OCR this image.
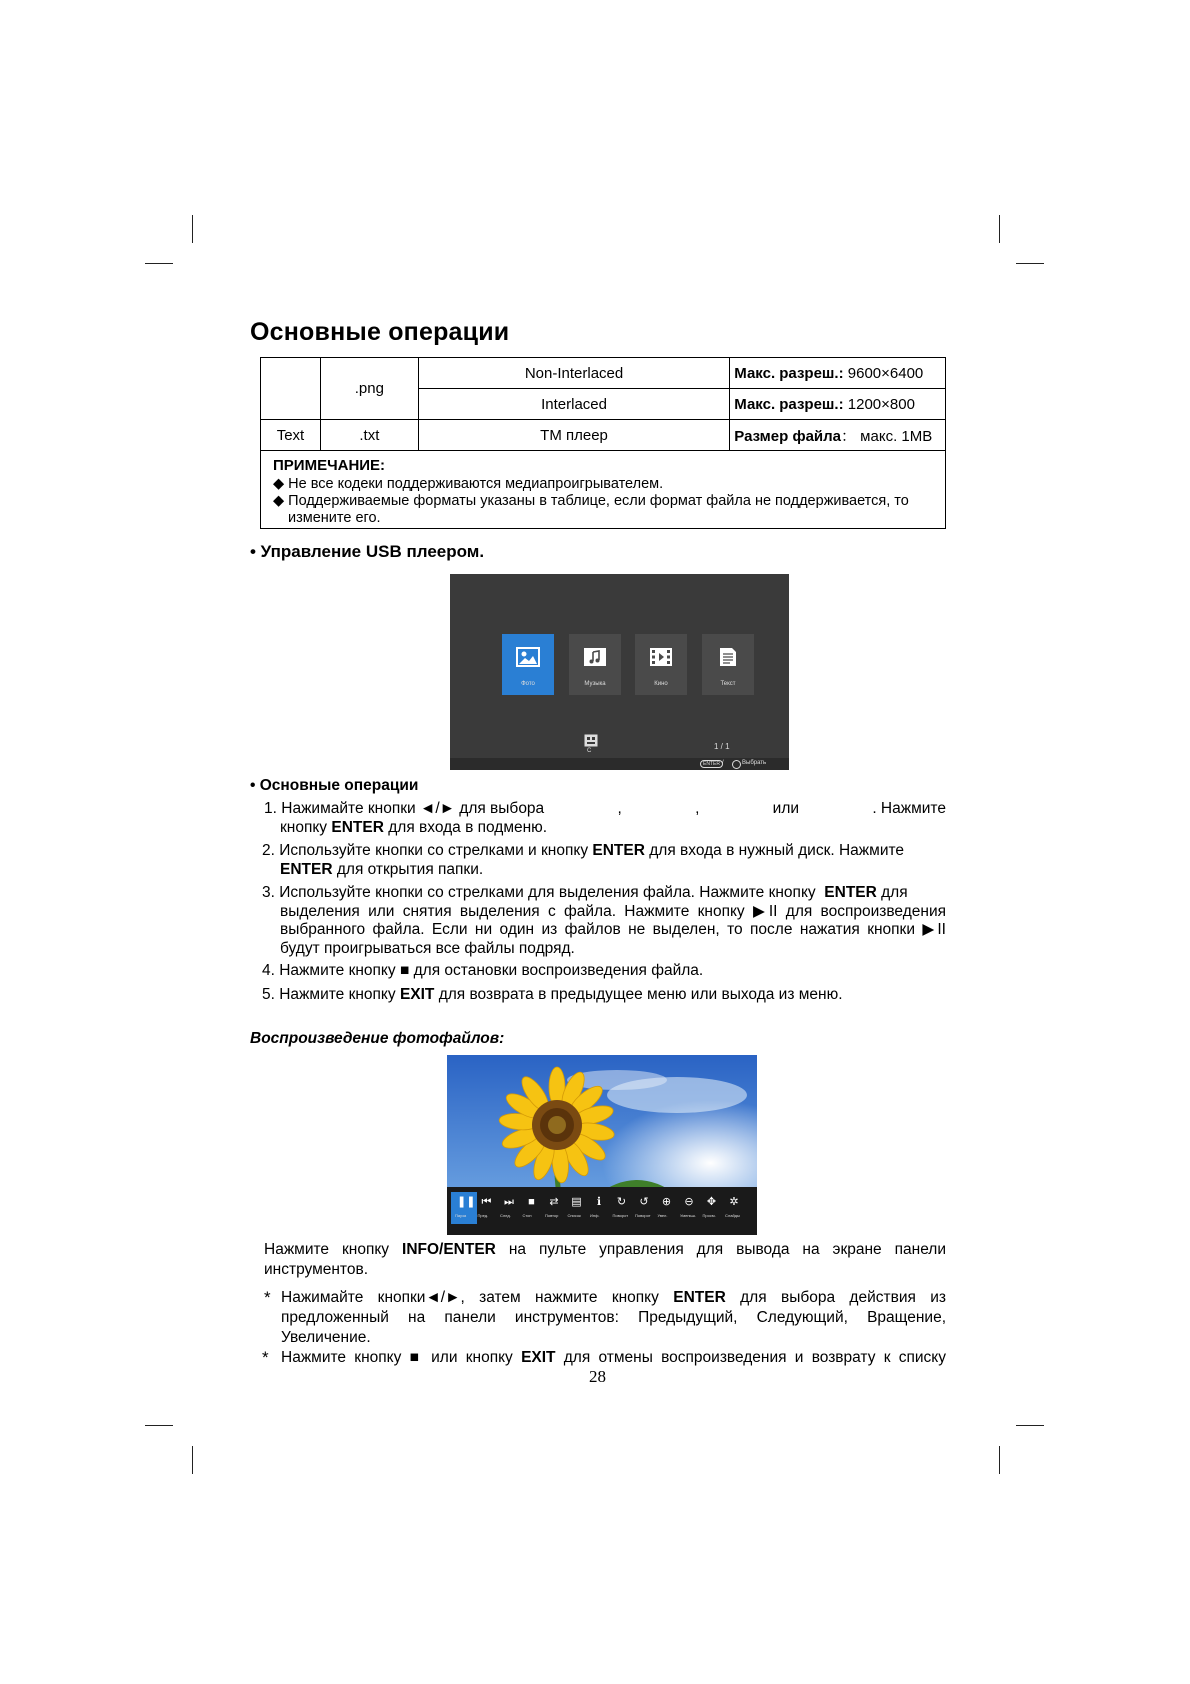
Основные операции
	.png	Non-Interlaced	Макс. разреш.: 9600×6400
		Interlaced	Макс. разреш.: 1200×800
Text	.txt	TM плеер	Размер файла： макс. 1MB
ПРИМЕЧАНИЕ:
◆ Не все кодеки поддерживаются медиапроигрывателем.
◆ Поддерживаемые форматы указаны в таблице, если формат файла не поддерживается, то
измените его.
• Управление USB плеером.
Фото	Музыка	Кино	Текст
C	1 / 1
ENTER /	Выбрать
• Основные операции
1. Нажимайте кнопки ◄/► для выбора	,	,	или	. Нажмите
кнопку ENTER для входа в подменю.
2. Используйте кнопки со стрелками и кнопку ENTER для входа в нужный диск. Нажмите
ENTER для открытия папки.
3. Используйте кнопки со стрелками для выделения файла. Нажмите кнопку  ENTER для
выделения или снятия выделения с файла. Нажмите кнопку ▶II для воспроизведения
выбранного файла. Если ни один из файлов не выделен, то после нажатия кнопки ▶II
будут проигрываться все файлы подряд.
4. Нажмите кнопку ■ для остановки воспроизведения файла.
5. Нажмите кнопку EXIT для возврата в предыдущее меню или выхода из меню.
Воспроизведение фотофайлов:
❚❚
Пауза
⏮
Пред.
⏭
След.
■
Стоп
⇄
Повтор
▤
Список
ℹ
Инф.
↻
Поворот
↺
Поворот
⊕
Увел.
⊖
Уменьш.
✥
Просм.
✲
Слайды

Нажмите кнопку INFO/ENTER на пульте управления для вывода на экране панели инструментов.

* Нажимайте кнопки◄/►, затем нажмите кнопку ENTER для выбора действия из предложенный на панели инструментов: Предыдущий, Следующий, Вращение, Увеличение.

* Нажмите кнопку ■ или кнопку EXIT для отмены воспроизведения и возврату к списку

28
